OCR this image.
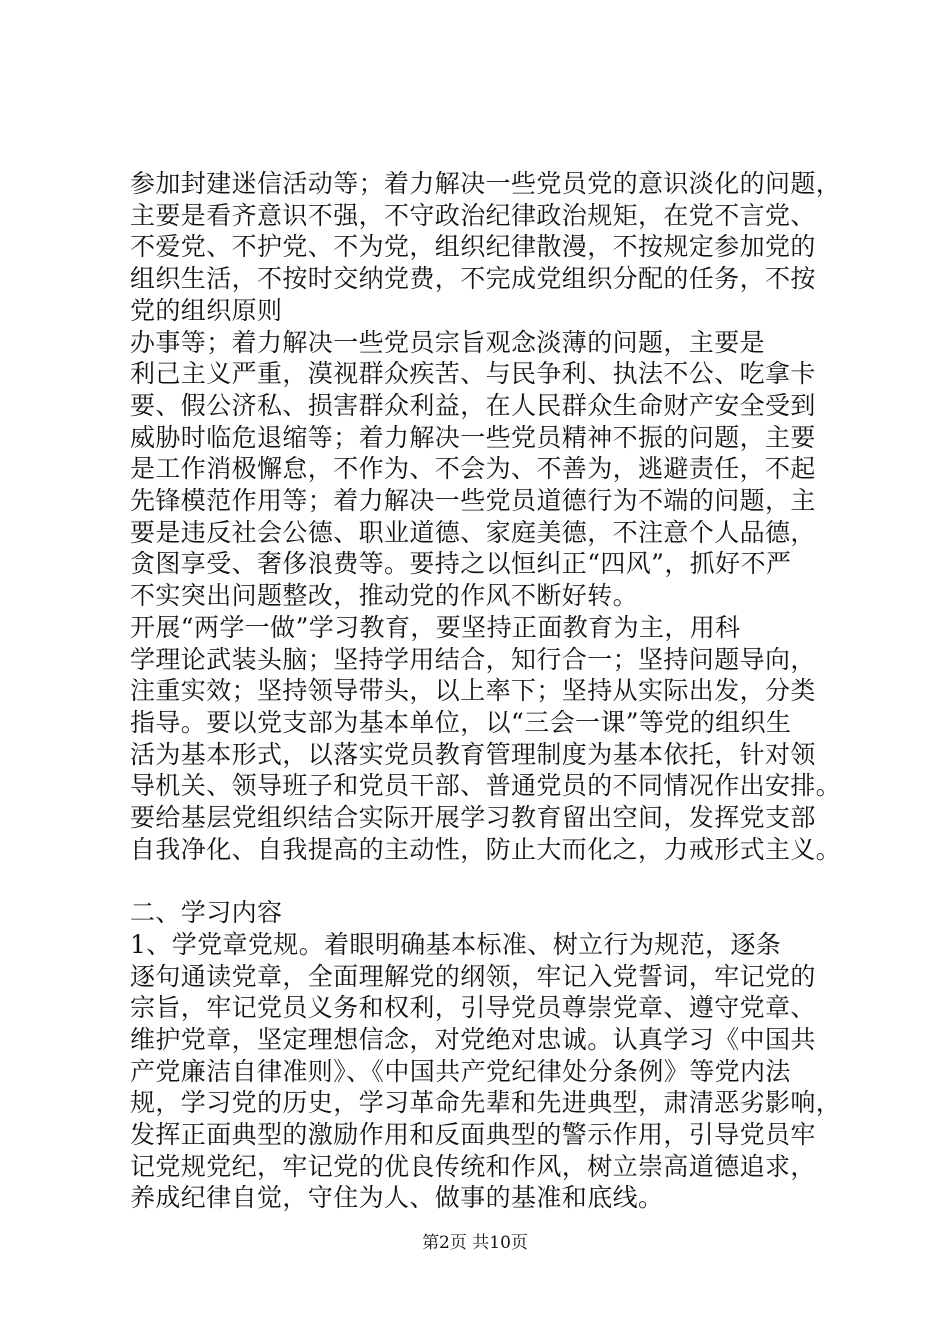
参加封建迷信活动等；着力解决一些党员党的意识淡化的问题，
主要是看齐意识不强，不守政治纪律政治规矩，在党不言党、
不爱党、不护党、不为党，组织纪律散漫，不按规定参加党的
组织生活，不按时交纳党费，不完成党组织分配的任务，不按
党的组织原则
办事等；着力解决一些党员宗旨观念淡薄的问题，主要是
利己主义严重，漠视群众疾苦、与民争利、执法不公、吃拿卡
要、假公济私、损害群众利益，在人民群众生命财产安全受到
威胁时临危退缩等；着力解决一些党员精神不振的问题，主要
是工作消极懈怠，不作为、不会为、不善为，逃避责任，不起
先锋模范作用等；着力解决一些党员道德行为不端的问题，主
要是违反社会公德、职业道德、家庭美德，不注意个人品德，
贪图享受、奢侈浪费等。要持之以恒纠正“四风”，抓好不严
不实突出问题整改，推动党的作风不断好转。
开展“两学一做”学习教育，要坚持正面教育为主，用科
学理论武装头脑；坚持学用结合，知行合一；坚持问题导向，
注重实效；坚持领导带头，以上率下；坚持从实际出发，分类
指导。要以党支部为基本单位，以“三会一课”等党的组织生
活为基本形式，以落实党员教育管理制度为基本依托，针对领
导机关、领导班子和党员干部、普通党员的不同情况作出安排。
要给基层党组织结合实际开展学习教育留出空间，发挥党支部
自我净化、自我提高的主动性，防止大而化之，力戒形式主义。
二、学习内容
1、学党章党规。着眼明确基本标准、树立行为规范，逐条
逐句通读党章，全面理解党的纲领，牢记入党誓词，牢记党的
宗旨，牢记党员义务和权利，引导党员尊崇党章、遵守党章、
维护党章，坚定理想信念，对党绝对忠诚。认真学习《中国共
产党廉洁自律准则》、《中国共产党纪律处分条例》等党内法
规，学习党的历史，学习革命先辈和先进典型，肃清恶劣影响，
发挥正面典型的激励作用和反面典型的警示作用，引导党员牢
记党规党纪，牢记党的优良传统和作风，树立崇高道德追求，
养成纪律自觉，守住为人、做事的基准和底线。
第2页 共10页
